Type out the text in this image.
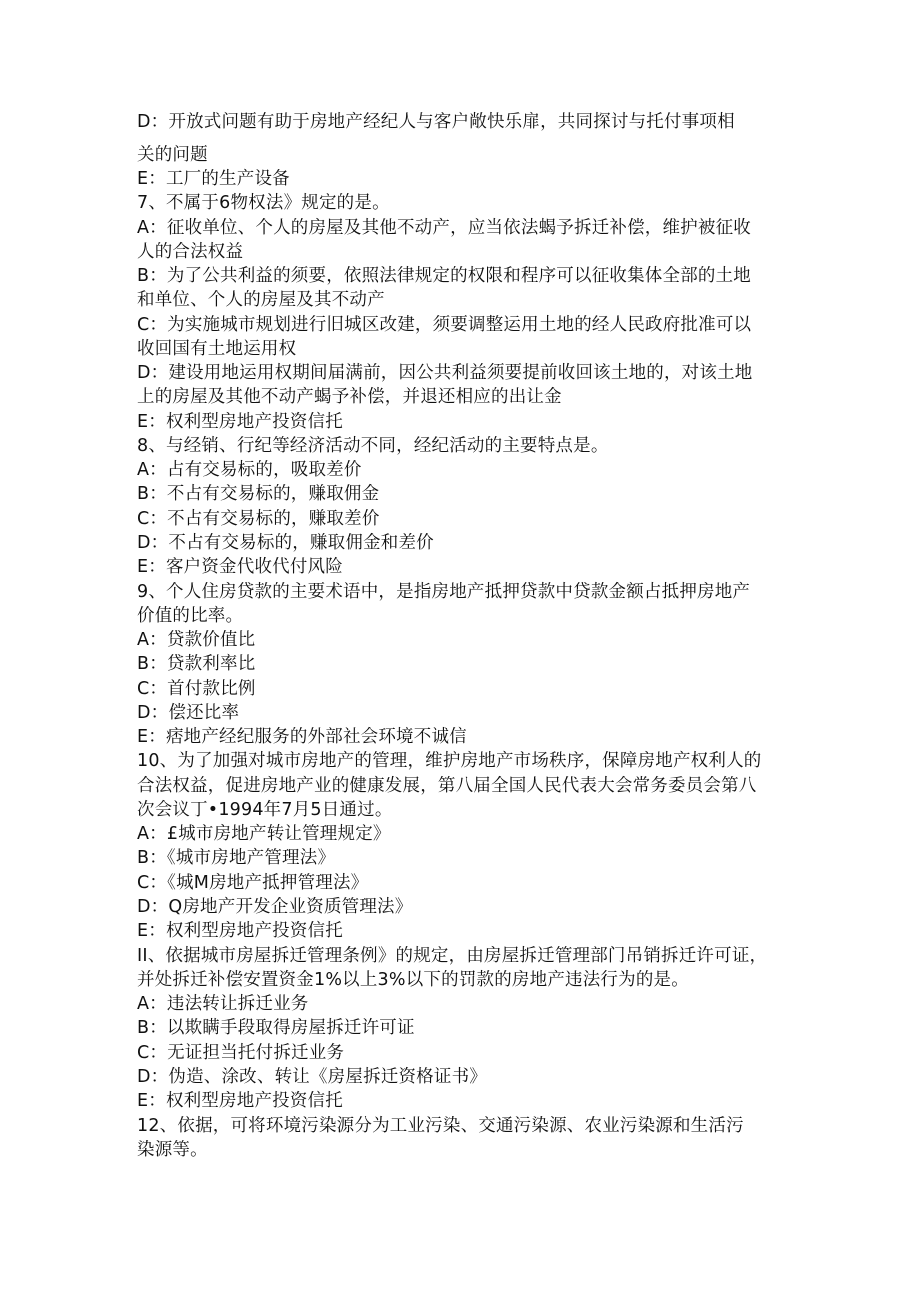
D：开放式问题有助于房地产经纪人与客户敞快乐扉，共同探讨与托付事项相
关的问题
E：工厂的生产设备
7、不属于6物权法》规定的是。
A：征收单位、个人的房屋及其他不动产，应当依法蝎予拆迁补偿，维护被征收
人的合法权益
B：为了公共利益的须要，依照法律规定的权限和程序可以征收集体全部的土地
和单位、个人的房屋及其不动产
C：为实施城市规划进行旧城区改建，须要调整运用土地的经人民政府批准可以
收回国有土地运用权
D：建设用地运用权期间届满前，因公共利益须要提前收回该土地的，对该土地
上的房屋及其他不动产蝎予补偿，并退还相应的出让金
E：权利型房地产投资信托
8、与经销、行纪等经济活动不同，经纪活动的主要特点是。
A：占有交易标的，吸取差价
B：不占有交易标的，赚取佣金
C：不占有交易标的，赚取差价
D：不占有交易标的，赚取佣金和差价
E：客户资金代收代付风险
9、个人住房贷款的主要术语中，是指房地产抵押贷款中贷款金额占抵押房地产
价值的比率。
A：贷款价值比
B：贷款利率比
C：首付款比例
D：偿还比率
E：痞地产经纪服务的外部社会环境不诚信
10、为了加强对城市房地产的管理，维护房地产市场秩序，保障房地产权利人的
合法权益，促进房地产业的健康发展，第八届全国人民代表大会常务委员会第八
次会议丁•1994年7月5日通过。
A：£城市房地产转让管理规定》
B：《城市房地产管理法》
C：《城M房地产抵押管理法》
D：Q房地产开发企业资质管理法》
E：权利型房地产投资信托
II、依据城市房屋拆迁管理条例》的规定，由房屋拆迁管理部门吊销拆迁许可证，
并处拆迁补偿安置资金1%以上3%以下的罚款的房地产违法行为的是。
A：违法转让拆迁业务
B：以欺瞒手段取得房屋拆迁许可证
C：无证担当托付拆迁业务
D：伪造、涂改、转让《房屋拆迁资格证书》
E：权利型房地产投资信托
12、依据，可将环境污染源分为工业污染、交通污染源、农业污染源和生活污
染源等。
